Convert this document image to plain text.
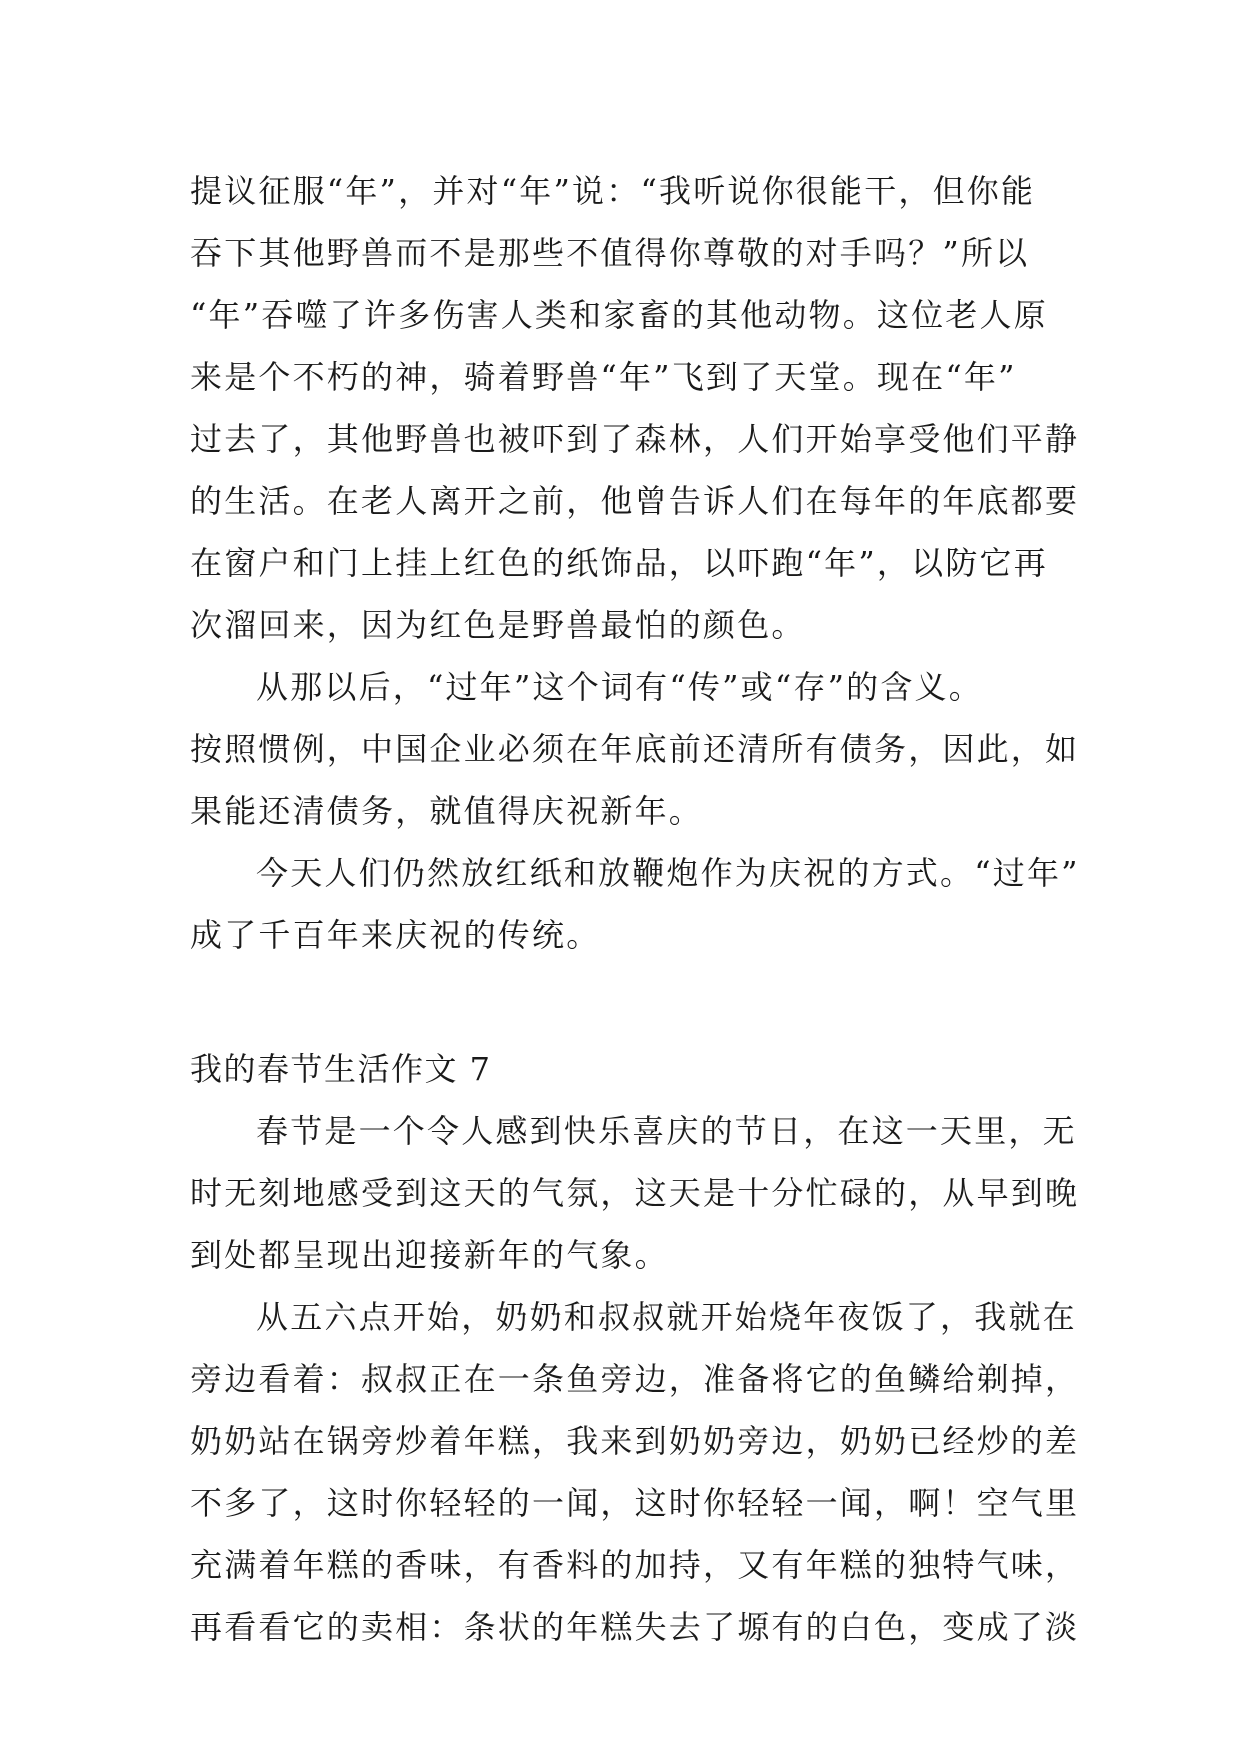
提议征服“年”，并对“年”说：“我听说你很能干，但你能
吞下其他野兽而不是那些不值得你尊敬的对手吗？”所以
“年”吞噬了许多伤害人类和家畜的其他动物。这位老人原
来是个不朽的神，骑着野兽“年”飞到了天堂。现在“年”
过去了，其他野兽也被吓到了森林，人们开始享受他们平静
的生活。在老人离开之前，他曾告诉人们在每年的年底都要
在窗户和门上挂上红色的纸饰品，以吓跑“年”，以防它再
次溜回来，因为红色是野兽最怕的颜色。
从那以后，“过年”这个词有“传”或“存”的含义。
按照惯例，中国企业必须在年底前还清所有债务，因此，如
果能还清债务，就值得庆祝新年。
今天人们仍然放红纸和放鞭炮作为庆祝的方式。“过年”
成了千百年来庆祝的传统。
我的春节生活作文 7
春节是一个令人感到快乐喜庆的节日，在这一天里，无
时无刻地感受到这天的气氛，这天是十分忙碌的，从早到晚
到处都呈现出迎接新年的气象。
从五六点开始，奶奶和叔叔就开始烧年夜饭了，我就在
旁边看着：叔叔正在一条鱼旁边，准备将它的鱼鳞给剃掉，
奶奶站在锅旁炒着年糕，我来到奶奶旁边，奶奶已经炒的差
不多了，这时你轻轻的一闻，这时你轻轻一闻，啊！空气里
充满着年糕的香味，有香料的加持，又有年糕的独特气味，
再看看它的卖相：条状的年糕失去了塬有的白色，变成了淡
